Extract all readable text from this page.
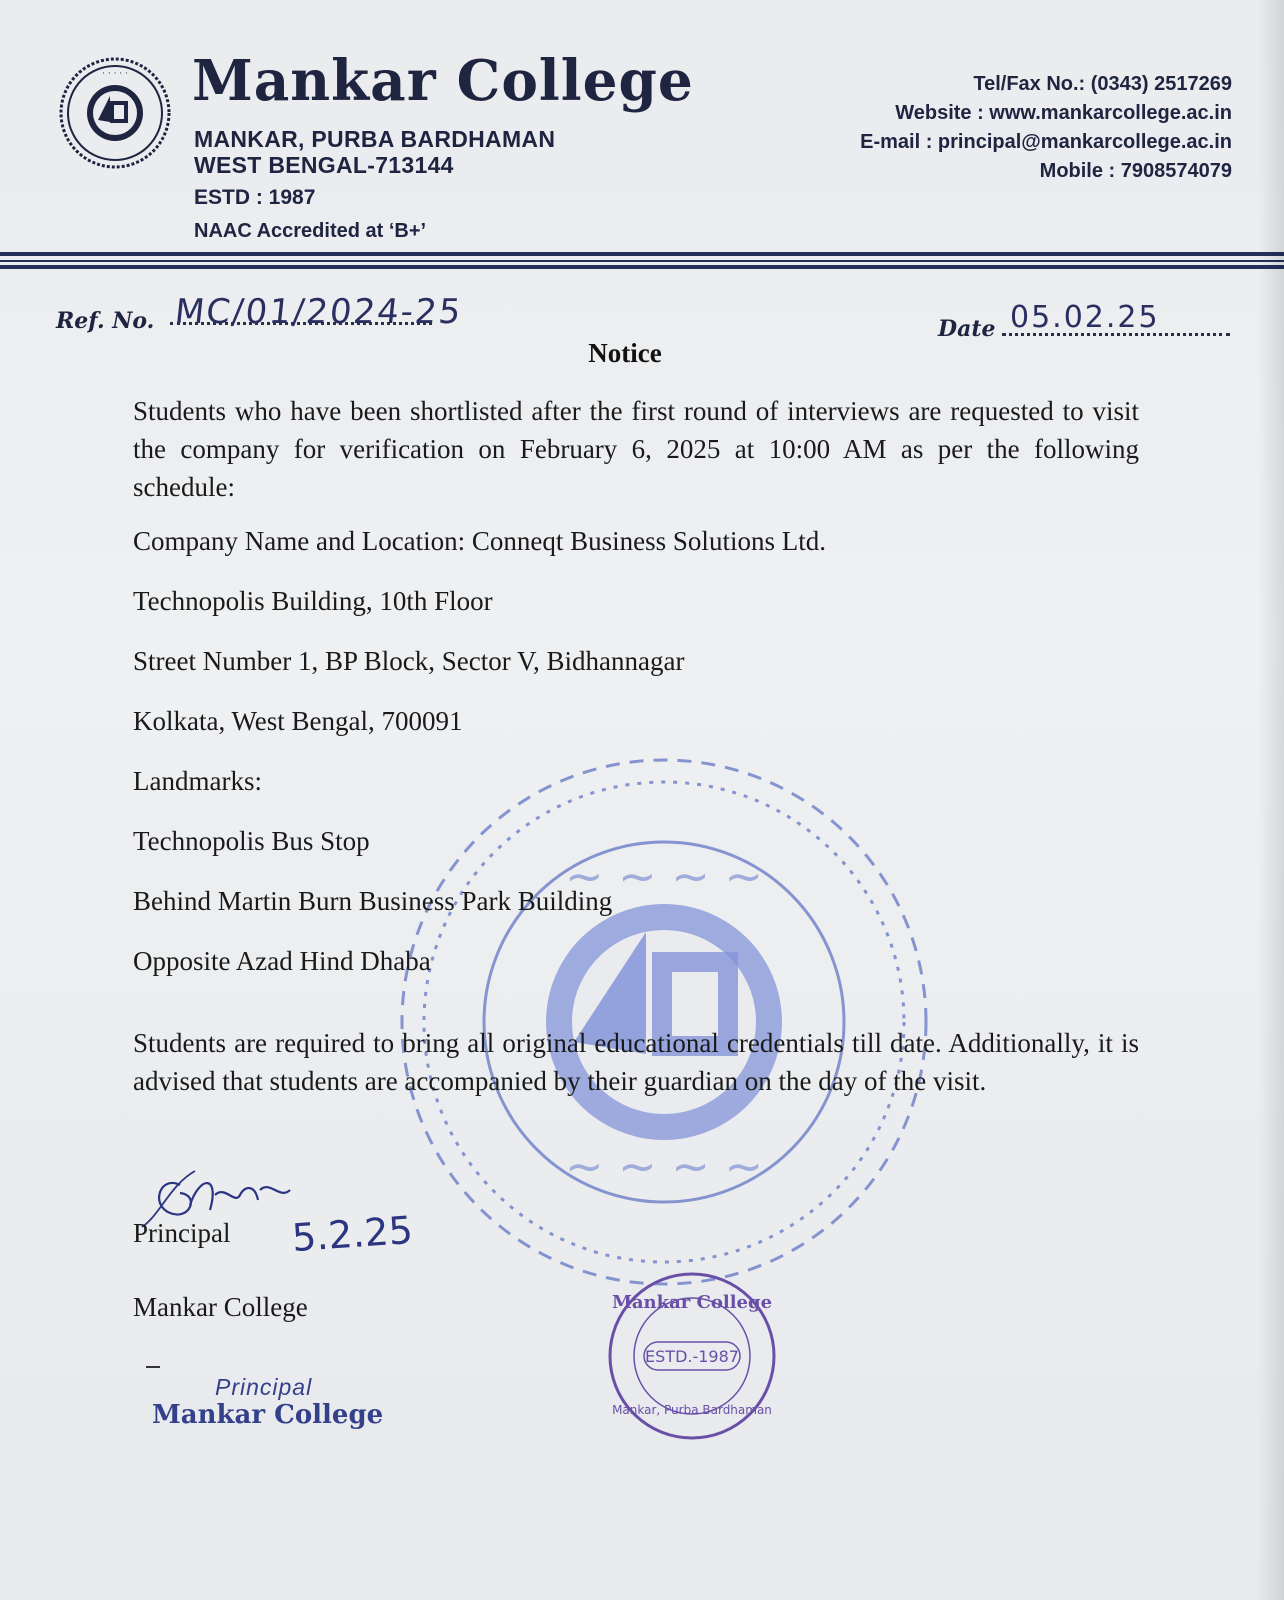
· · · · · Mankar College

MANKAR, PURBA BARDHAMAN

WEST BENGAL-713144

ESTD : 1987

NAAC Accredited at ‘B+’

Tel/Fax No.: (0343) 2517269
Website : www.mankarcollege.ac.in
E-mail : principal@mankarcollege.ac.in
Mobile : 7908574079
Ref. No. MC/01/2024-25	Date 05.02.25
Notice
~ ~ ~ ~
~ ~ ~ ~

Students who have been shortlisted after the first round of interviews are requested to visit the company for verification on February 6, 2025 at 10:00 AM as per the following schedule:

Company Name and Location: Conneqt Business Solutions Ltd.

Technopolis Building, 10th Floor

Street Number 1, BP Block, Sector V, Bidhannagar

Kolkata, West Bengal, 700091

Landmarks:

Technopolis Bus Stop

Behind Martin Burn Business Park Building

Opposite Azad Hind Dhaba

Students are required to bring all original educational credentials till date. Additionally, it is advised that students are accompanied by their guardian on the day of the visit.

Principal 5.2.25

Mankar College

Principal
Mankar College
ESTD.-1987
Mankar College
Mankar, Purba Bardhaman
